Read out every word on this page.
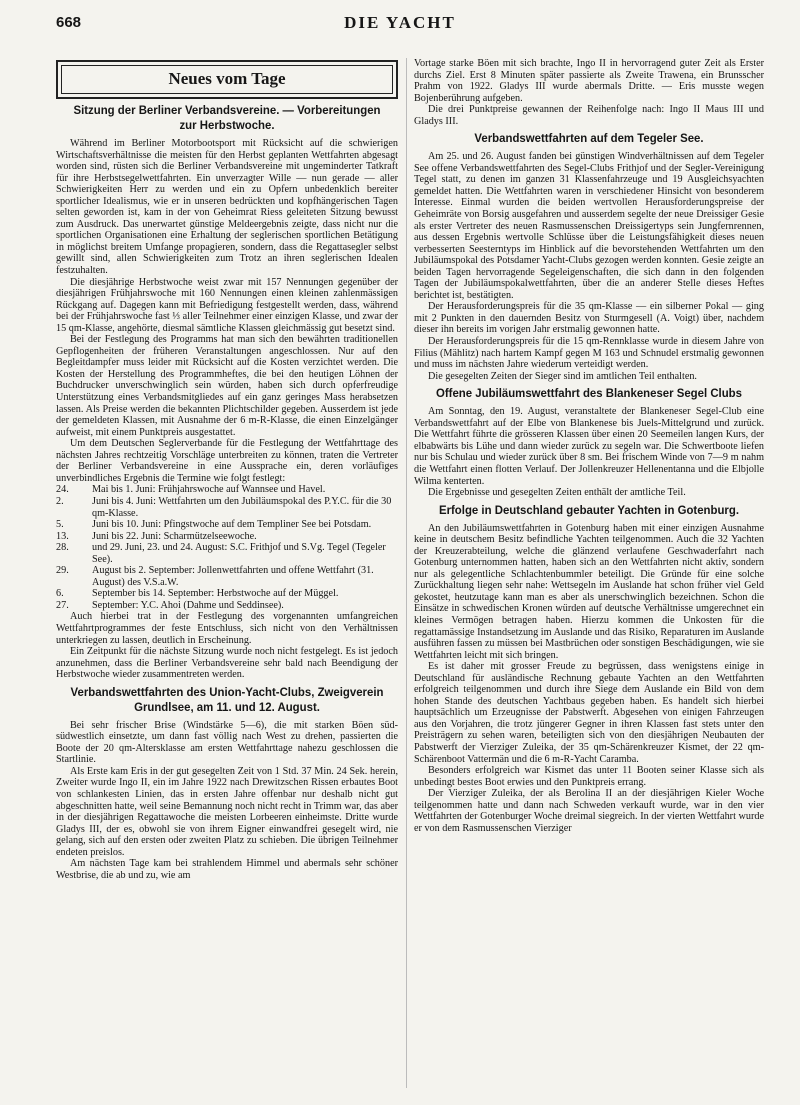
668	DIE YACHT
Neues vom Tage
Sitzung der Berliner Verbandsvereine. — Vorbereitungen zur Herbstwoche.

Während im Berliner Motorbootsport mit Rücksicht auf die schwierigen Wirtschaftsverhältnisse die meisten für den Herbst geplanten Wettfahrten abgesagt worden sind, rüsten sich die Berliner Verbandsvereine mit ungeminderter Tatkraft für ihre Herbstsegelwettfahrten. Ein unverzagter Wille — nun gerade — aller Schwierigkeiten Herr zu werden und ein zu Opfern unbedenklich bereiter sportlicher Idealismus, wie er in unseren bedrückten und kopfhängerischen Tagen selten geworden ist, kam in der von Geheimrat Riess geleiteten Sitzung bewusst zum Ausdruck. Das unerwartet günstige Meldeergebnis zeigte, dass nicht nur die sportlichen Organisationen eine Erhaltung der seglerischen sportlichen Betätigung in möglichst breitem Umfange propagieren, sondern, dass die Regattasegler selbst gewillt sind, allen Schwierigkeiten zum Trotz an ihren seglerischen Idealen festzuhalten.

Die diesjährige Herbstwoche weist zwar mit 157 Nennungen gegenüber der diesjährigen Frühjahrswoche mit 160 Nennungen einen kleinen zahlenmässigen Rückgang auf. Dagegen kann mit Befriedigung festgestellt werden, dass, während bei der Frühjahrswoche fast ⅓ aller Teilnehmer einer einzigen Klasse, und zwar der 15 qm-Klasse, angehörte, diesmal sämtliche Klassen gleichmässig gut besetzt sind.

Bei der Festlegung des Programms hat man sich den bewährten traditionellen Gepflogenheiten der früheren Veranstaltungen angeschlossen. Nur auf den Begleitdampfer muss leider mit Rücksicht auf die Kosten verzichtet werden. Die Kosten der Herstellung des Programmheftes, die bei den heutigen Löhnen der Buchdrucker unverschwinglich sein würden, haben sich durch opferfreudige Unterstützung eines Verbandsmitgliedes auf ein ganz geringes Mass herabsetzen lassen. Als Preise werden die bekannten Plichtschilder gegeben. Ausserdem ist jede der gemeldeten Klassen, mit Ausnahme der 6 m-R-Klasse, die einen Einzelgänger aufweist, mit einem Punktpreis ausgestattet.

Um dem Deutschen Seglerverbande für die Festlegung der Wettfahrttage des nächsten Jahres rechtzeitig Vorschläge unterbreiten zu können, traten die Vertreter der Berliner Verbandsvereine in eine Aussprache ein, deren vorläufiges unverbindliches Ergebnis die Termine wie folgt festlegt:

24.	Mai bis 1. Juni: Frühjahrswoche auf Wannsee und Havel.
2.	Juni bis 4. Juni: Wettfahrten um den Jubiläumspokal des P.Y.C. für die 30 qm-Klasse.
5.	Juni bis 10. Juni: Pfingstwoche auf dem Templiner See bei Potsdam.
13.	Juni bis 22. Juni: Scharmützelseewoche.
28.	und 29. Juni, 23. und 24. August: S.C. Frithjof und S.Vg. Tegel (Tegeler See).
29.	August bis 2. September: Jollenwettfahrten und offene Wettfahrt (31. August) des V.S.a.W.
6.	September bis 14. September: Herbstwoche auf der Müggel.
27.	September: Y.C. Ahoi (Dahme und Seddinsee).

Auch hierbei trat in der Festlegung des vorgenannten umfangreichen Wettfahrtprogrammes der feste Entschluss, sich nicht von den Verhältnissen unterkriegen zu lassen, deutlich in Erscheinung.

Ein Zeitpunkt für die nächste Sitzung wurde noch nicht festgelegt. Es ist jedoch anzunehmen, dass die Berliner Verbandsvereine sehr bald nach Beendigung der Herbstwoche wieder zusammentreten werden.

Verbandswettfahrten des Union-Yacht-Clubs, Zweigverein Grundlsee, am 11. und 12. August.

Bei sehr frischer Brise (Windstärke 5—6), die mit starken Böen süd-südwestlich einsetzte, um dann fast völlig nach West zu drehen, passierten die Boote der 20 qm-Altersklasse am ersten Wettfahrttage nahezu geschlossen die Startlinie.

Als Erste kam Eris in der gut gesegelten Zeit von 1 Std. 37 Min. 24 Sek. herein, Zweiter wurde Ingo II, ein im Jahre 1922 nach Drewitzschen Rissen erbautes Boot von schlankesten Linien, das in ersten Jahre offenbar nur deshalb nicht gut abgeschnitten hatte, weil seine Bemannung noch nicht recht in Trimm war, das aber in der diesjährigen Regattawoche die meisten Lorbeeren einheimste. Dritte wurde Gladys III, der es, obwohl sie von ihrem Eigner einwandfrei gesegelt wird, nie gelang, sich auf den ersten oder zweiten Platz zu schieben. Die übrigen Teilnehmer endeten preislos.

Am nächsten Tage kam bei strahlendem Himmel und abermals sehr schöner Westbrise, die ab und zu, wie am

Vortage starke Böen mit sich brachte, Ingo II in hervorragend guter Zeit als Erster durchs Ziel. Erst 8 Minuten später passierte als Zweite Trawena, ein Brunsscher Prahm von 1922. Gladys III wurde abermals Dritte. — Eris musste wegen Bojenberührung aufgeben.

Die drei Punktpreise gewannen der Reihenfolge nach: Ingo II Maus III und Gladys III.

Verbandswettfahrten auf dem Tegeler See.

Am 25. und 26. August fanden bei günstigen Windverhältnissen auf dem Tegeler See offene Verbandswettfahrten des Segel-Clubs Frithjof und der Segler-Vereinigung Tegel statt, zu denen im ganzen 31 Klassenfahrzeuge und 19 Ausgleichsyachten gemeldet hatten. Die Wettfahrten waren in verschiedener Hinsicht von besonderem Interesse. Einmal wurden die beiden wertvollen Herausforderungspreise der Geheimräte von Borsig ausgefahren und ausserdem segelte der neue Dreissiger Gesie als erster Vertreter des neuen Rasmussenschen Dreissigertyps sein Jungfernrennen, aus dessen Ergebnis wertvolle Schlüsse über die Leistungsfähigkeit dieses neuen verbesserten Seesterntyps im Hinblick auf die bevorstehenden Wettfahrten um den Jubiläumspokal des Potsdamer Yacht-Clubs gezogen werden konnten. Gesie zeigte an beiden Tagen hervorragende Segeleigenschaften, die sich dann in den folgenden Tagen der Jubiläumspokalwettfahrten, über die an anderer Stelle dieses Heftes berichtet ist, bestätigten.

Der Herausforderungspreis für die 35 qm-Klasse — ein silberner Pokal — ging mit 2 Punkten in den dauernden Besitz von Sturmgesell (A. Voigt) über, nachdem dieser ihn bereits im vorigen Jahr erstmalig gewonnen hatte.

Der Herausforderungspreis für die 15 qm-Rennklasse wurde in diesem Jahre von Filius (Mählitz) nach hartem Kampf gegen M 163 und Schnudel erstmalig gewonnen und muss im nächsten Jahre wiederum verteidigt werden.

Die gesegelten Zeiten der Sieger sind im amtlichen Teil enthalten.

Offene Jubiläumswettfahrt des Blankeneser Segel Clubs

Am Sonntag, den 19. August, veranstaltete der Blankeneser Segel-Club eine Verbandswettfahrt auf der Elbe von Blankenese bis Juels-Mittelgrund und zurück. Die Wettfahrt führte die grösseren Klassen über einen 20 Seemeilen langen Kurs, der elbabwärts bis Lühe und dann wieder zurück zu segeln war. Die Schwertboote liefen nur bis Schulau und wieder zurück über 8 sm. Bei frischem Winde von 7—9 m nahm die Wettfahrt einen flotten Verlauf. Der Jollenkreuzer Hellenentanna und die Elbjolle Wilma kenterten.

Die Ergebnisse und gesegelten Zeiten enthält der amtliche Teil.

Erfolge in Deutschland gebauter Yachten in Gotenburg.

An den Jubiläumswettfahrten in Gotenburg haben mit einer einzigen Ausnahme keine in deutschem Besitz befindliche Yachten teilgenommen. Auch die 32 Yachten der Kreuzerabteilung, welche die glänzend verlaufene Geschwaderfahrt nach Gotenburg unternommen hatten, haben sich an den Wettfahrten nicht aktiv, sondern nur als gelegentliche Schlachtenbummler beteiligt. Die Gründe für eine solche Zurückhaltung liegen sehr nahe: Wettsegeln im Auslande hat schon früher viel Geld gekostet, heutzutage kann man es aber als unerschwinglich bezeichnen. Schon die Einsätze in schwedischen Kronen würden auf deutsche Verhältnisse umgerechnet ein kleines Vermögen betragen haben. Hierzu kommen die Unkosten für die regattamässige Instandsetzung im Auslande und das Risiko, Reparaturen im Auslande ausführen fassen zu müssen bei Mastbrüchen oder sonstigen Beschädigungen, wie sie Wettfahrten leicht mit sich bringen.

Es ist daher mit grosser Freude zu begrüssen, dass wenigstens einige in Deutschland für ausländische Rechnung gebaute Yachten an den Wettfahrten erfolgreich teilgenommen und durch ihre Siege dem Auslande ein Bild von dem hohen Stande des deutschen Yachtbaus gegeben haben. Es handelt sich hierbei hauptsächlich um Erzeugnisse der Pabstwerft. Abgesehen von einigen Fahrzeugen aus den Vorjahren, die trotz jüngerer Gegner in ihren Klassen fast stets unter den Preisträgern zu sehen waren, beteiligten sich von den diesjährigen Neubauten der Pabstwerft der Vierziger Zuleika, der 35 qm-Schärenkreuzer Kismet, der 22 qm-Schärenboot Vattermän und die 6 m-R-Yacht Caramba.

Besonders erfolgreich war Kismet das unter 11 Booten seiner Klasse sich als unbedingt bestes Boot erwies und den Punktpreis errang.

Der Vierziger Zuleika, der als Berolina II an der diesjährigen Kieler Woche teilgenommen hatte und dann nach Schweden verkauft wurde, war in den vier Wettfahrten der Gotenburger Woche dreimal siegreich. In der vierten Wettfahrt wurde er von dem Rasmussenschen Vierziger
